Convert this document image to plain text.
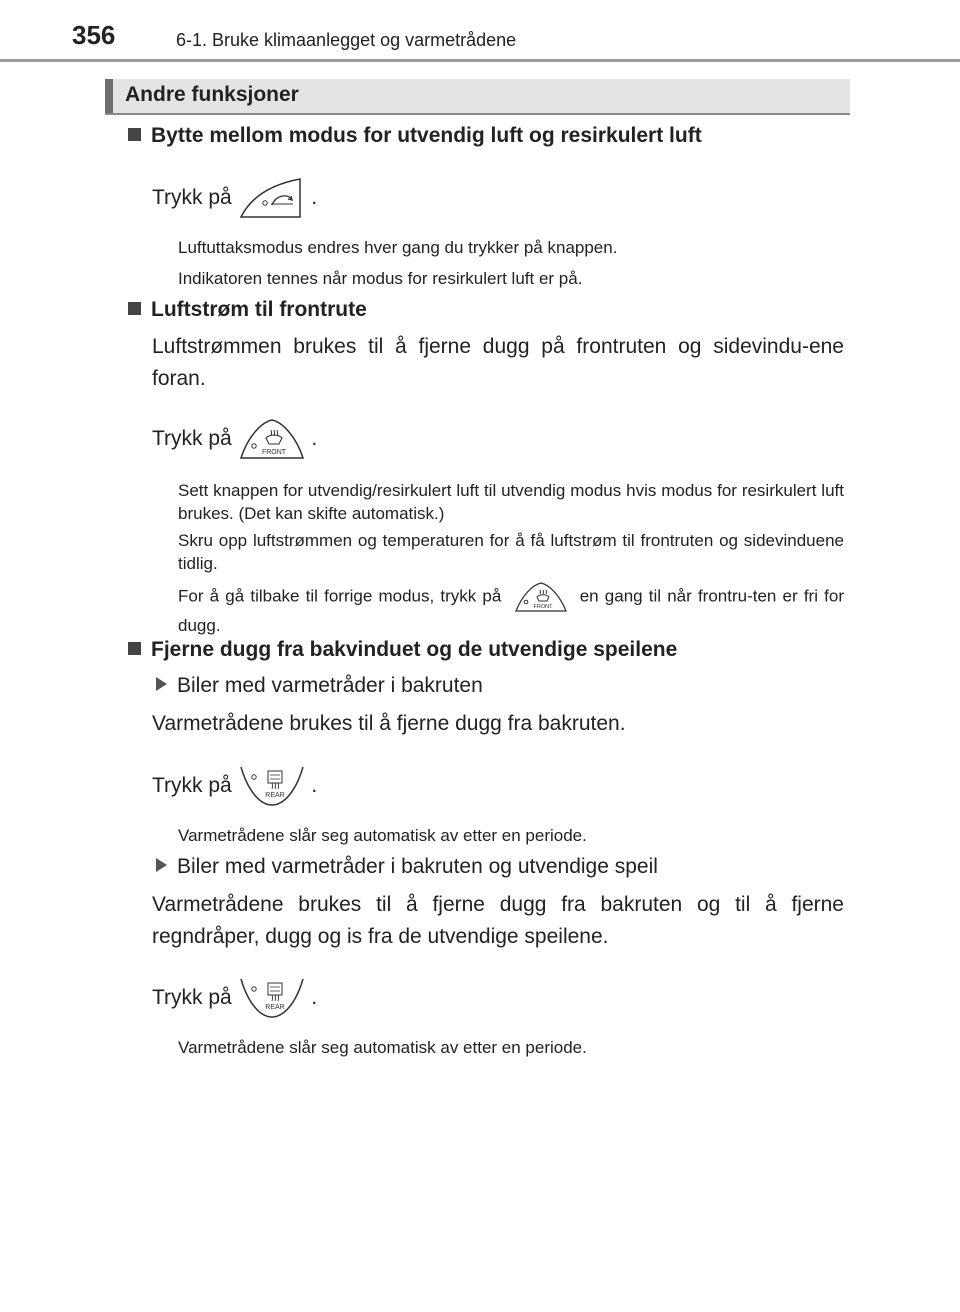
356	6-1. Bruke klimaanlegget og varmetrådene
Andre funksjoner
Bytte mellom modus for utvendig luft og resirkulert luft
Trykk på	.
Luftuttaksmodus endres hver gang du trykker på knappen.
Indikatoren tennes når modus for resirkulert luft er på.
Luftstrøm til frontrute
Luftstrømmen brukes til å fjerne dugg på frontruten og sidevindu-ene foran.
Trykk på
FRONT
.
Sett knappen for utvendig/resirkulert luft til utvendig modus hvis modus for resirkulert luft brukes. (Det kan skifte automatisk.)
Skru opp luftstrømmen og temperaturen for å få luftstrøm til frontruten og sidevinduene tidlig.
For å gå tilbake til forrige modus, trykk på
FRONT
en gang til når frontru-ten er fri for dugg.
Fjerne dugg fra bakvinduet og de utvendige speilene
Biler med varmetråder i bakruten
Varmetrådene brukes til å fjerne dugg fra bakruten.
Trykk på	REAR .
Varmetrådene slår seg automatisk av etter en periode.
Biler med varmetråder i bakruten og utvendige speil
Varmetrådene brukes til å fjerne dugg fra bakruten og til å fjerne regndråper, dugg og is fra de utvendige speilene.
Trykk på	REAR .
Varmetrådene slår seg automatisk av etter en periode.
